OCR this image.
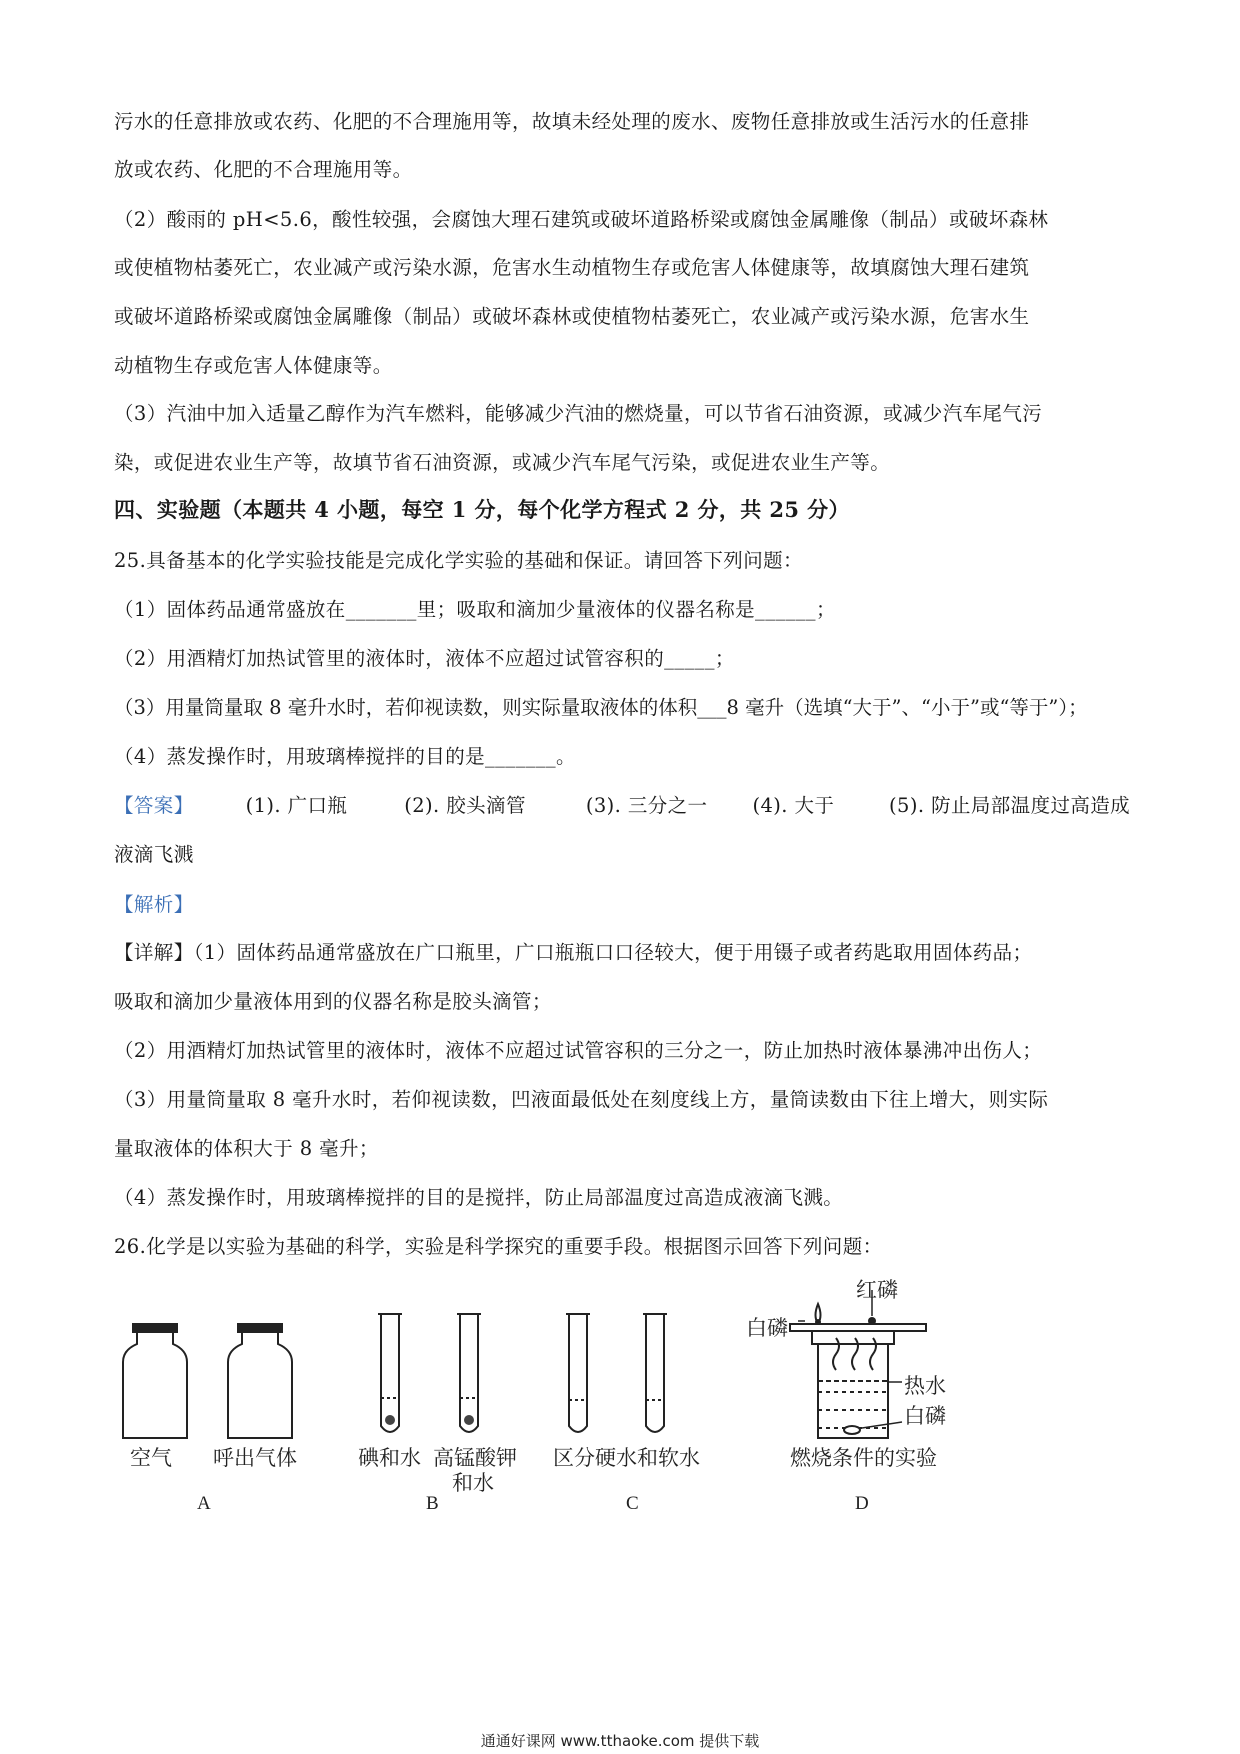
污水的任意排放或农药、化肥的不合理施用等，故填未经处理的废水、废物任意排放或生活污水的任意排
放或农药、化肥的不合理施用等。
（2）酸雨的 pH<5.6，酸性较强，会腐蚀大理石建筑或破坏道路桥梁或腐蚀金属雕像（制品）或破坏森林
或使植物枯萎死亡，农业减产或污染水源，危害水生动植物生存或危害人体健康等，故填腐蚀大理石建筑
或破坏道路桥梁或腐蚀金属雕像（制品）或破坏森林或使植物枯萎死亡，农业减产或污染水源，危害水生
动植物生存或危害人体健康等。
（3）汽油中加入适量乙醇作为汽车燃料，能够减少汽油的燃烧量，可以节省石油资源，或减少汽车尾气污
染，或促进农业生产等，故填节省石油资源，或减少汽车尾气污染，或促进农业生产等。
四、实验题（本题共 4 小题，每空 1 分，每个化学方程式 2 分，共 25 分）
25.具备基本的化学实验技能是完成化学实验的基础和保证。请回答下列问题：
（1）固体药品通常盛放在_______里；吸取和滴加少量液体的仪器名称是______；
（2）用酒精灯加热试管里的液体时，液体不应超过试管容积的_____；
（3）用量筒量取 8 毫升水时，若仰视读数，则实际量取液体的体积___8 毫升（选填“大于”、“小于”或“等于”）；
（4）蒸发操作时，用玻璃棒搅拌的目的是_______。
【答案】	(1). 广口瓶	(2). 胶头滴管	(3). 三分之一 (4). 大于	(5). 防止局部温度过高造成
液滴飞溅
【解析】
【详解】（1）固体药品通常盛放在广口瓶里，广口瓶瓶口口径较大，便于用镊子或者药匙取用固体药品；
吸取和滴加少量液体用到的仪器名称是胶头滴管；
（2）用酒精灯加热试管里的液体时，液体不应超过试管容积的三分之一，防止加热时液体暴沸冲出伤人；
（3）用量筒量取 8 毫升水时，若仰视读数，凹液面最低处在刻度线上方，量筒读数由下往上增大，则实际
量取液体的体积大于 8 毫升；
（4）蒸发操作时，用玻璃棒搅拌的目的是搅拌，防止局部温度过高造成液滴飞溅。
26.化学是以实验为基础的科学，实验是科学探究的重要手段。根据图示回答下列问题：
空气 呼出气体
A
碘和水 高锰酸钾
和水
B
区分硬水和软水
C
红磷
白磷
热水
白磷
燃烧条件的实验
D
通通好课网 www.tthaoke.com 提供下载
